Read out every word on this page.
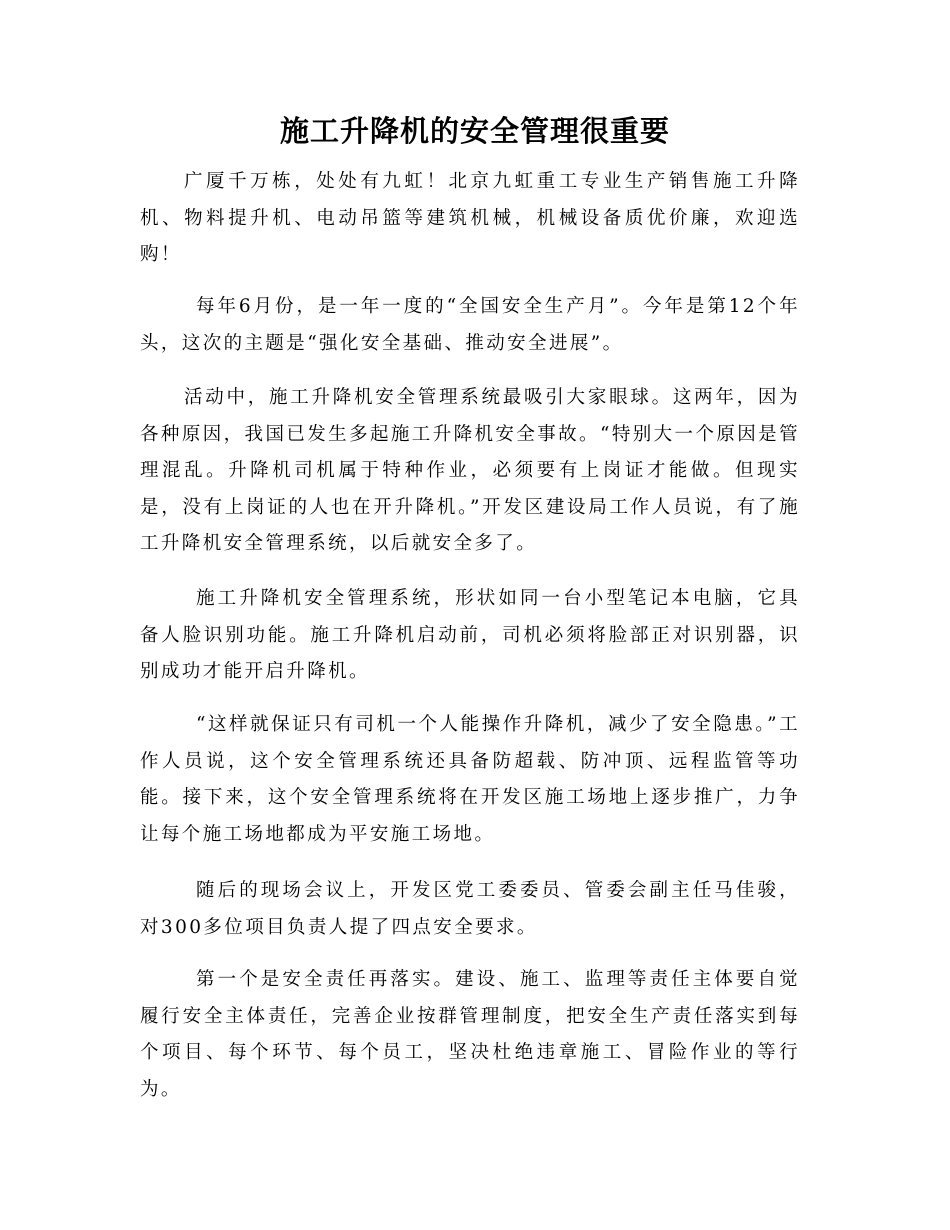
施工升降机的安全管理很重要

广厦千万栋，处处有九虹！北京九虹重工专业生产销售施工升降机、物料提升机、电动吊篮等建筑机械，机械设备质优价廉，欢迎选购！

每年6月份，是一年一度的“全国安全生产月”。今年是第12个年头，这次的主题是“强化安全基础、推动安全进展”。

活动中，施工升降机安全管理系统最吸引大家眼球。这两年，因为各种原因，我国已发生多起施工升降机安全事故。“特别大一个原因是管理混乱。升降机司机属于特种作业，必须要有上岗证才能做。但现实是，没有上岗证的人也在开升降机。”开发区建设局工作人员说，有了施工升降机安全管理系统，以后就安全多了。

施工升降机安全管理系统，形状如同一台小型笔记本电脑，它具备人脸识别功能。施工升降机启动前，司机必须将脸部正对识别器，识别成功才能开启升降机。

“这样就保证只有司机一个人能操作升降机，减少了安全隐患。”工作人员说，这个安全管理系统还具备防超载、防冲顶、远程监管等功能。接下来，这个安全管理系统将在开发区施工场地上逐步推广，力争让每个施工场地都成为平安施工场地。

随后的现场会议上，开发区党工委委员、管委会副主任马佳骏，对300多位项目负责人提了四点安全要求。

第一个是安全责任再落实。建设、施工、监理等责任主体要自觉履行安全主体责任，完善企业按群管理制度，把安全生产责任落实到每个项目、每个环节、每个员工，坚决杜绝违章施工、冒险作业的等行为。
